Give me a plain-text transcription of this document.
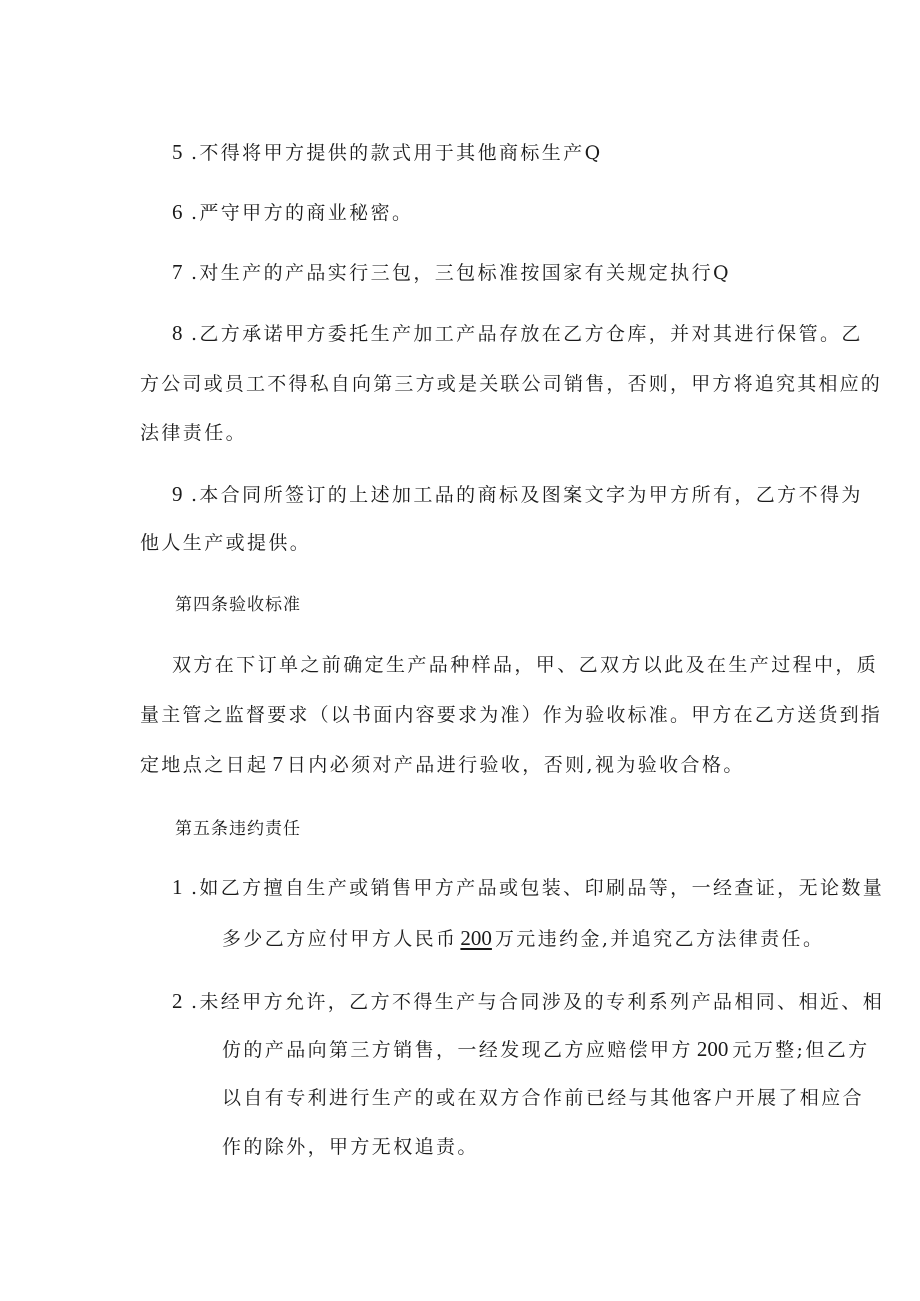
5 .不得将甲方提供的款式用于其他商标生产Q
6 .严守甲方的商业秘密。
7 .对生产的产品实行三包，三包标准按国家有关规定执行Q
8 .乙方承诺甲方委托生产加工产品存放在乙方仓库，并对其进行保管。乙
方公司或员工不得私自向第三方或是关联公司销售，否则，甲方将追究其相应的
法律责任。
9 .本合同所签订的上述加工品的商标及图案文字为甲方所有，乙方不得为
他人生产或提供。
第四条验收标准
双方在下订单之前确定生产品种样品，甲、乙双方以此及在生产过程中，质
量主管之监督要求（以书面内容要求为准）作为验收标准。甲方在乙方送货到指
定地点之日起 7 日内必须对产品进行验收，否则,视为验收合格。
第五条违约责任
1 .如乙方擅自生产或销售甲方产品或包装、印刷品等，一经查证，无论数量
多少乙方应付甲方人民币 200 万元违约金,并追究乙方法律责任。
2 .未经甲方允许，乙方不得生产与合同涉及的专利系列产品相同、相近、相
仿的产品向第三方销售，一经发现乙方应赔偿甲方 200 元万整;但乙方
以自有专利进行生产的或在双方合作前已经与其他客户开展了相应合
作的除外，甲方无权追责。
